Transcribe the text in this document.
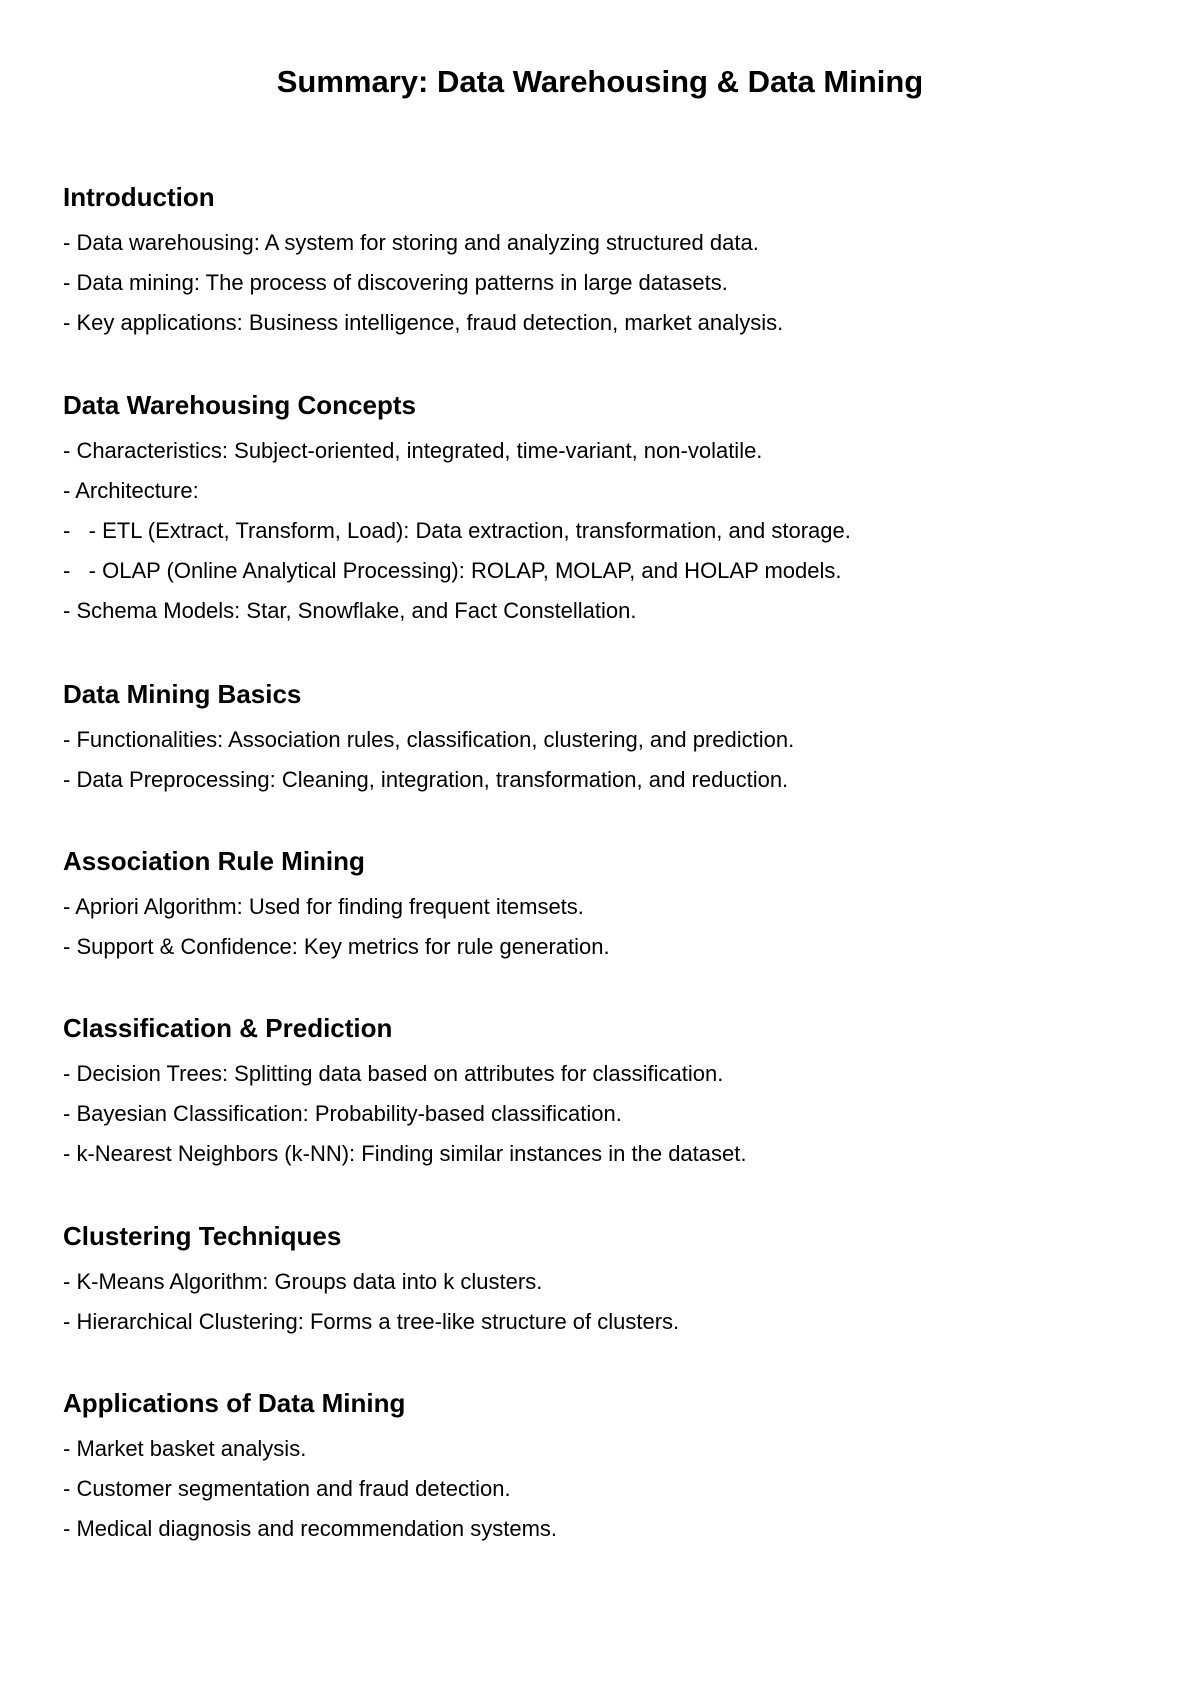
Summary: Data Warehousing & Data Mining
Introduction
- Data warehousing: A system for storing and analyzing structured data.
- Data mining: The process of discovering patterns in large datasets.
- Key applications: Business intelligence, fraud detection, market analysis.
Data Warehousing Concepts
- Characteristics: Subject-oriented, integrated, time-variant, non-volatile.
- Architecture:
-   - ETL (Extract, Transform, Load): Data extraction, transformation, and storage.
-   - OLAP (Online Analytical Processing): ROLAP, MOLAP, and HOLAP models.
- Schema Models: Star, Snowflake, and Fact Constellation.
Data Mining Basics
- Functionalities: Association rules, classification, clustering, and prediction.
- Data Preprocessing: Cleaning, integration, transformation, and reduction.
Association Rule Mining
- Apriori Algorithm: Used for finding frequent itemsets.
- Support & Confidence: Key metrics for rule generation.
Classification & Prediction
- Decision Trees: Splitting data based on attributes for classification.
- Bayesian Classification: Probability-based classification.
- k-Nearest Neighbors (k-NN): Finding similar instances in the dataset.
Clustering Techniques
- K-Means Algorithm: Groups data into k clusters.
- Hierarchical Clustering: Forms a tree-like structure of clusters.
Applications of Data Mining
- Market basket analysis.
- Customer segmentation and fraud detection.
- Medical diagnosis and recommendation systems.
